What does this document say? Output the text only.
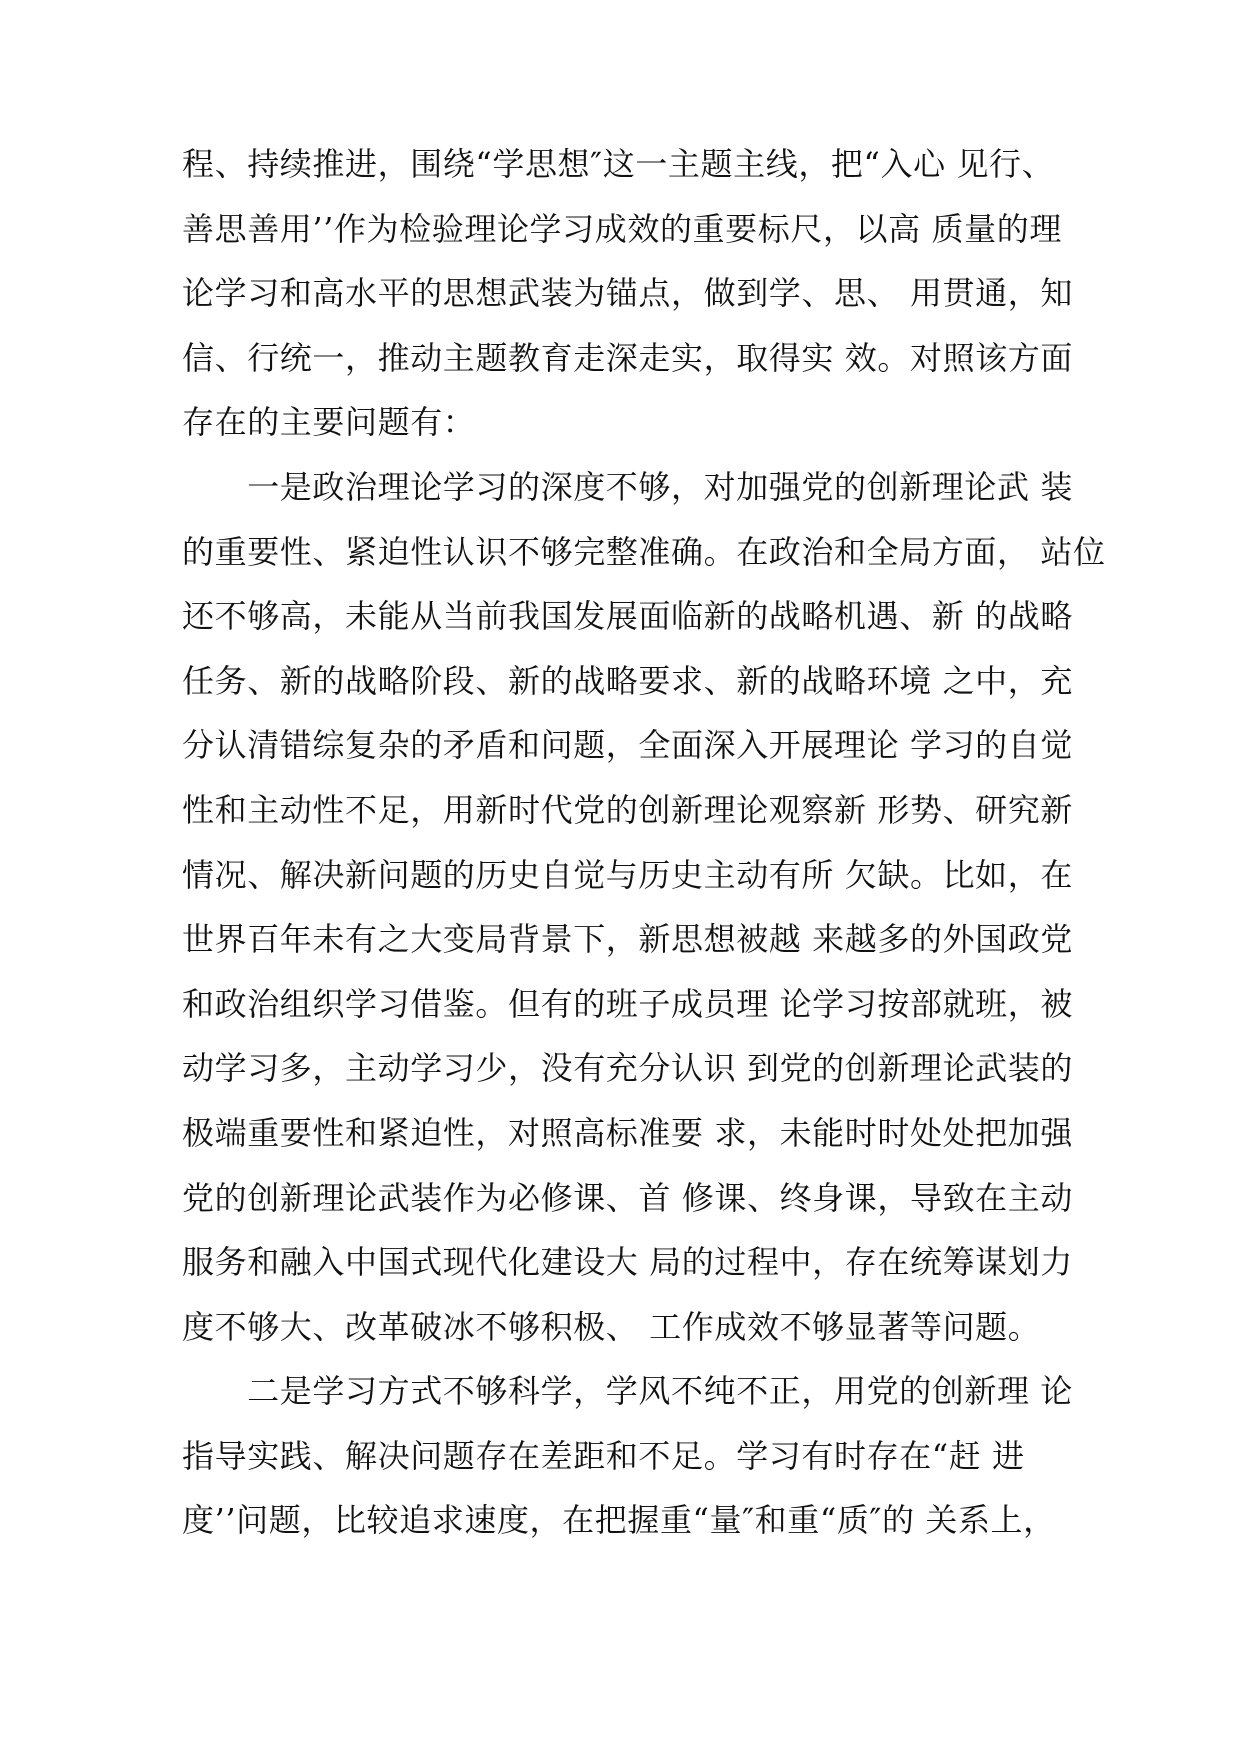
程、持续推进，围绕“学思想″这一主题主线，把“入心 见行、
善思善用’’作为检验理论学习成效的重要标尺，以高 质量的理
论学习和高水平的思想武装为锚点，做到学、思、 用贯通，知
信、行统一，推动主题教育走深走实，取得实 效。对照该方面
存在的主要问题有：
　　一是政治理论学习的深度不够，对加强党的创新理论武 装
的重要性、紧迫性认识不够完整准确。在政治和全局方面， 站位
还不够高，未能从当前我国发展面临新的战略机遇、新 的战略
任务、新的战略阶段、新的战略要求、新的战略环境 之中，充
分认清错综复杂的矛盾和问题，全面深入开展理论 学习的自觉
性和主动性不足，用新时代党的创新理论观察新 形势、研究新
情况、解决新问题的历史自觉与历史主动有所 欠缺。比如，在
世界百年未有之大变局背景下，新思想被越 来越多的外国政党
和政治组织学习借鉴。但有的班子成员理 论学习按部就班，被
动学习多，主动学习少，没有充分认识 到党的创新理论武装的
极端重要性和紧迫性，对照高标准要 求，未能时时处处把加强
党的创新理论武装作为必修课、首 修课、终身课，导致在主动
服务和融入中国式现代化建设大 局的过程中，存在统筹谋划力
度不够大、改革破冰不够积极、 工作成效不够显著等问题。
　　二是学习方式不够科学，学风不纯不正，用党的创新理 论
指导实践、解决问题存在差距和不足。学习有时存在“赶 进
度’’问题，比较追求速度，在把握重“量″和重“质″的 关系上，
